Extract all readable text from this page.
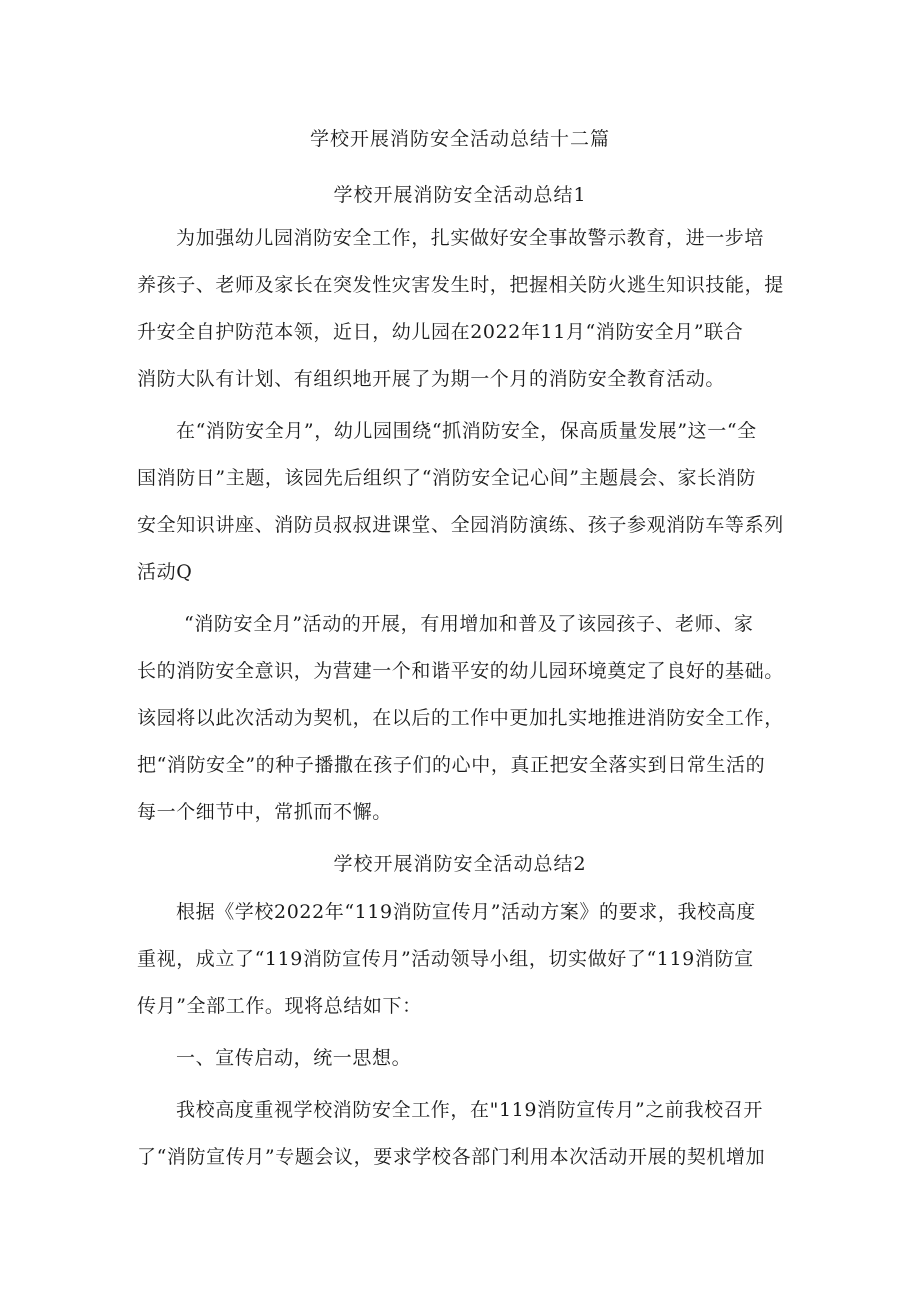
学校开展消防安全活动总结十二篇
学校开展消防安全活动总结1
为加强幼儿园消防安全工作，扎实做好安全事故警示教育，进一步培
养孩子、老师及家长在突发性灾害发生时，把握相关防火逃生知识技能，提
升安全自护防范本领，近日，幼儿园在2022年11月“消防安全月”联合
消防大队有计划、有组织地开展了为期一个月的消防安全教育活动。
在“消防安全月”，幼儿园围绕“抓消防安全，保高质量发展”这一“全
国消防日”主题，该园先后组织了“消防安全记心间”主题晨会、家长消防
安全知识讲座、消防员叔叔进课堂、全园消防演练、孩子参观消防车等系列
活动Q
“消防安全月”活动的开展，有用增加和普及了该园孩子、老师、家
长的消防安全意识，为营建一个和谐平安的幼儿园环境奠定了良好的基础。
该园将以此次活动为契机，在以后的工作中更加扎实地推进消防安全工作，
把“消防安全”的种子播撒在孩子们的心中，真正把安全落实到日常生活的
每一个细节中，常抓而不懈。
学校开展消防安全活动总结2
根据《学校2022年“119消防宣传月”活动方案》的要求，我校高度
重视，成立了“119消防宣传月”活动领导小组，切实做好了“119消防宣
传月”全部工作。现将总结如下：
一、宣传启动，统一思想。
我校高度重视学校消防安全工作，在"119消防宣传月”之前我校召开
了“消防宣传月”专题会议，要求学校各部门利用本次活动开展的契机增加
